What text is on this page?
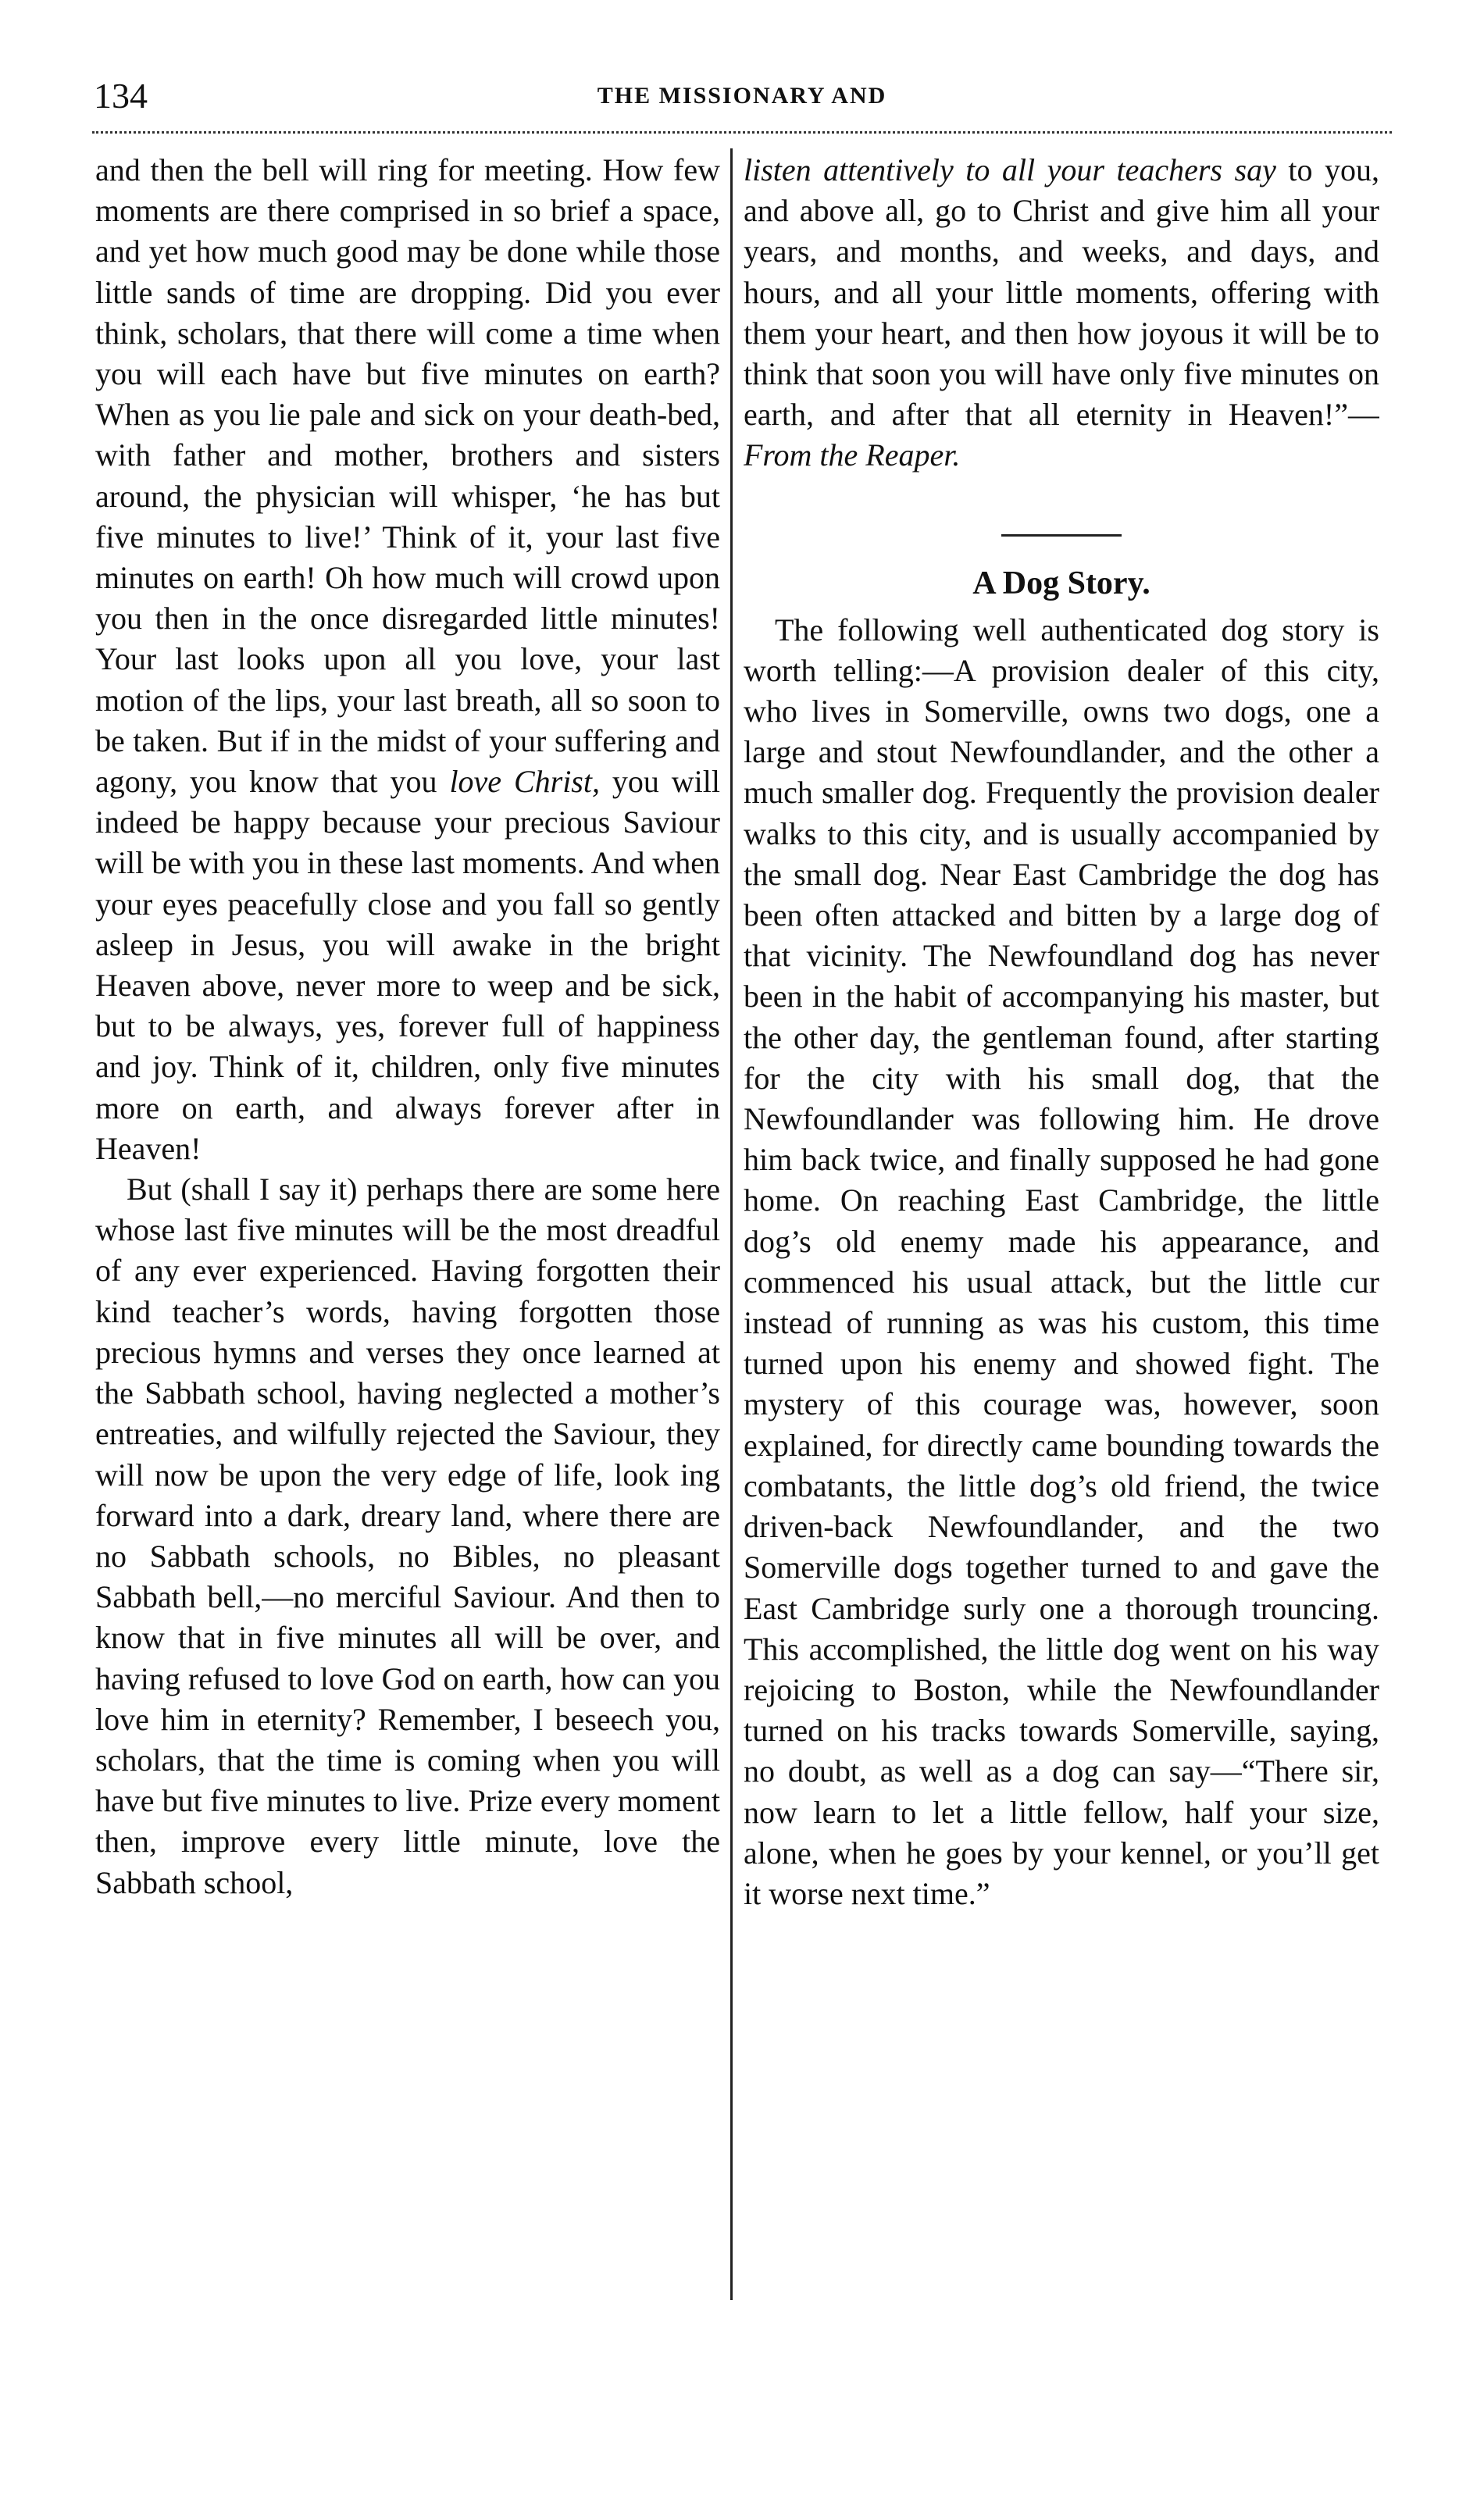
134	THE MISSIONARY AND

and then the bell will ring for meeting. How few moments are there comprised in so brief a space, and yet how much good may be done while those little sands of time are dropping. Did you ever think, scholars, that there will come a time when you will each have but five minutes on earth? When as you lie pale and sick on your death-bed, with father and mother, brothers and sisters around, the physician will whisper, ‘he has but five minutes to live!’ Think of it, your last five minutes on earth! Oh how much will crowd upon you then in the once disregarded little minutes! Your last looks upon all you love, your last motion of the lips, your last breath, all so soon to be taken. But if in the midst of your suffering and agony, you know that you love Christ, you will indeed be happy because your precious Saviour will be with you in these last moments. And when your eyes peacefully close and you fall so gently asleep in Jesus, you will awake in the bright Heaven above, never more to weep and be sick, but to be always, yes, forever full of happiness and joy. Think of it, children, only five minutes more on earth, and always forever after in Heaven!

But (shall I say it) perhaps there are some here whose last five minutes will be the most dreadful of any ever experienced. Having forgotten their kind teacher’s words, having forgotten those precious hymns and verses they once learned at the Sabbath school, having neglected a mother’s entreaties, and wilfully rejected the Saviour, they will now be upon the very edge of life, look ing forward into a dark, dreary land, where there are no Sabbath schools, no Bibles, no pleasant Sabbath bell,—no merciful Saviour. And then to know that in five minutes all will be over, and having refused to love God on earth, how can you love him in eternity? Remember, I beseech you, scholars, that the time is coming when you will have but five minutes to live. Prize every moment then, improve every little minute, love the Sabbath school,

listen attentively to all your teachers say to you, and above all, go to Christ and give him all your years, and months, and weeks, and days, and hours, and all your little moments, offering with them your heart, and then how joyous it will be to think that soon you will have only five minutes on earth, and after that all eternity in Heaven!”—From the Reaper.

A Dog Story.

The following well authenticated dog story is worth telling:—A provision dealer of this city, who lives in Somerville, owns two dogs, one a large and stout Newfoundlander, and the other a much smaller dog. Frequently the provision dealer walks to this city, and is usually accompanied by the small dog. Near East Cambridge the dog has been often attacked and bitten by a large dog of that vicinity. The Newfoundland dog has never been in the habit of accompanying his master, but the other day, the gentleman found, after starting for the city with his small dog, that the Newfoundlander was following him. He drove him back twice, and finally supposed he had gone home. On reaching East Cambridge, the little dog’s old enemy made his appearance, and commenced his usual attack, but the little cur instead of running as was his custom, this time turned upon his enemy and showed fight. The mystery of this courage was, however, soon explained, for directly came bounding towards the combatants, the little dog’s old friend, the twice driven-back Newfoundlander, and the two Somerville dogs together turned to and gave the East Cambridge surly one a thorough trouncing. This accomplished, the little dog went on his way rejoicing to Boston, while the Newfoundlander turned on his tracks towards Somerville, saying, no doubt, as well as a dog can say—“There sir, now learn to let a little fellow, half your size, alone, when he goes by your kennel, or you’ll get it worse next time.”
